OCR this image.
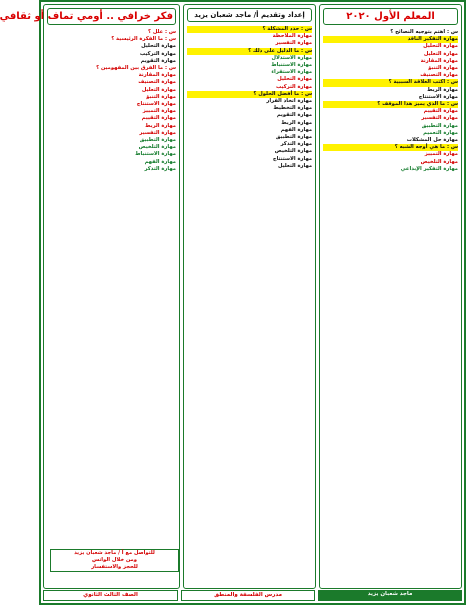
المعلم الأول ٢٠٢٠
س : اهتم بتوجيه النصائح ؟
مهارة التفكير الناقد
مهارة التحليل
مهارة التعليل
مهارة المقارنة
مهارة التنبؤ
مهارة التصنيف
س : اكتب العلاقة السببية ؟
مهارة الربط
مهارة الاستنتاج
س : ما الذي يميز هذا الموقف ؟
مهارة التقييم
مهارة التفسير
مهارة التطبيق
مهارة التعميم
مهارة حل المشكلات
س : ما هي أوجه الشبه ؟
مهارة التمييز
مهارة التلخيص
مهارة التفكير الإبداعي
إعداد وتقديم أ/ ماجد شعبان يزيد
س : حدد المشكلة ؟
مهارة الملاحظة
مهارة التفسير
س : ما الدليل على ذلك ؟
مهارة الاستدلال
مهارة الاستنباط
مهارة الاستقراء
مهارة التحليل
مهارة التركيب
س : ما أفضل الحلول ؟
مهارة اتخاذ القرار
مهارة التخطيط
مهارة التقويم
مهارة الربط
مهارة الفهم
مهارة التطبيق
مهارة التذكر
مهارة التلخيص
مهارة الاستنتاج
مهارة التعليل
فكر خرافي .. أومي تماف أو ثقافي
س : علل ؟
س : ما الفكرة الرئيسية ؟
مهارة التحليل
مهارة التركيب
مهارة التقويم
س : ما الفرق بين المفهومين ؟
مهارة المقارنة
مهارة التصنيف
مهارة التعليل
مهارة التنبؤ
مهارة الاستنتاج
مهارة التمييز
مهارة التقييم
مهارة الربط
مهارة التفسير
مهارة التطبيق
مهارة التلخيص
مهارة الاستنباط
مهارة الفهم
مهارة التذكر
للتواصل مع أ / ماجد شعبان يزيد
ومن خلال الواتس
للحجز والاستفسار
ماجد شعبان يزيد
مدرس الفلسفة والمنطق
الصف الثالث الثانوي
